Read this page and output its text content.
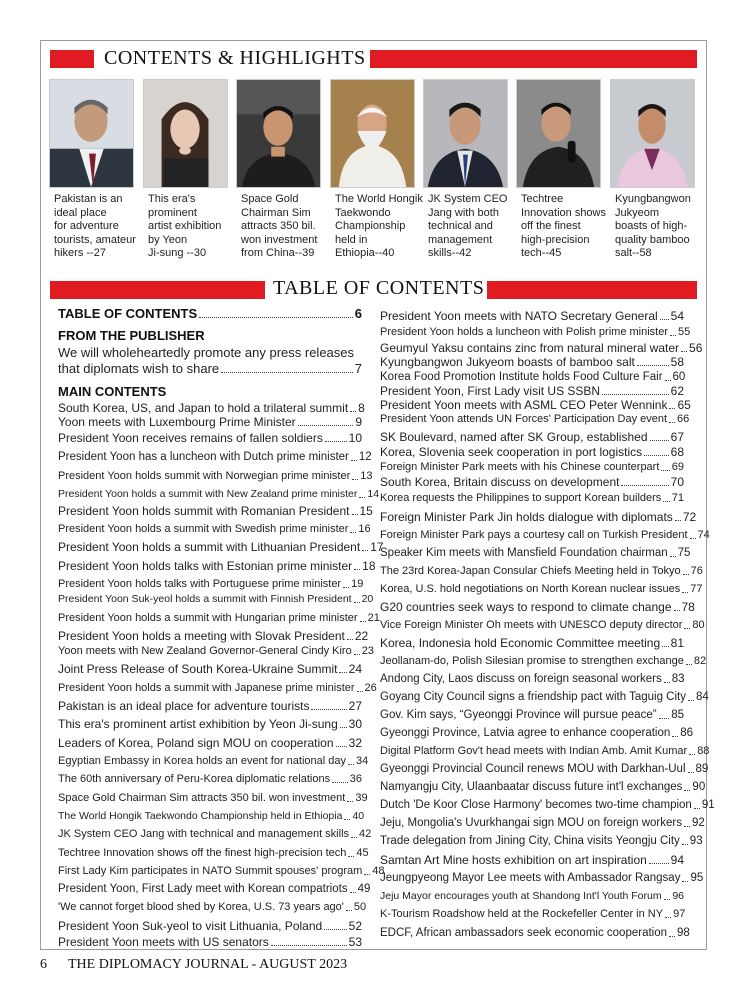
CONTENTS & HIGHLIGHTS
Pakistan is an
ideal place
for adventure
tourists, amateur
hikers --27
This era's
prominent
artist exhibition
by Yeon
Ji-sung --30
Space Gold
Chairman Sim
attracts 350 bil.
won investment
from China--39
The World Hongik
Taekwondo
Championship
held in
Ethiopia--40
JK System CEO
Jang with both
technical and
management
skills--42
Techtree
Innovation shows
off the finest
high-precision
tech--45
Kyungbangwon
Jukyeom
boasts of high-
quality bamboo
salt--58
TABLE OF CONTENTS
TABLE OF CONTENTS	6
FROM THE PUBLISHER
We will wholeheartedly promote any press releases
that diplomats wish to share	7
MAIN CONTENTS
South Korea, US, and Japan to hold a trilateral summit 8
Yoon meets with Luxembourg Prime Minister	9
President Yoon receives remains of fallen soldiers 10
President Yoon has a luncheon with Dutch prime minister 12
President Yoon holds summit with Norwegian prime minister 13
President Yoon holds a summit with New Zealand prime minister 14
President Yoon holds summit with Romanian President 15
President Yoon holds a summit with Swedish prime minister 16
President Yoon holds a summit with Lithuanian President 17
President Yoon holds talks with Estonian prime minister 18
President Yoon holds talks with Portuguese prime minister 19
President Yoon Suk-yeol holds a summit with Finnish President 20
President Yoon holds a summit with Hungarian prime minister 21
President Yoon holds a meeting with Slovak President 22
Yoon meets with New Zealand Governor-General Cindy Kiro 23
Joint Press Release of South Korea-Ukraine Summit 24
President Yoon holds a summit with Japanese prime minister 26
Pakistan is an ideal place for adventure tourists	27
This era's prominent artist exhibition by Yeon Ji-sung 30
Leaders of Korea, Poland sign MOU on cooperation 32
Egyptian Embassy in Korea holds an event for national day 34
The 60th anniversary of Peru-Korea diplomatic relations 36
Space Gold Chairman Sim attracts 350 bil. won investment 39
The World Hongik Taekwondo Championship held in Ethiopia 40
JK System CEO Jang with technical and management skills 42
Techtree Innovation shows off the finest high-precision tech 45
First Lady Kim participates in NATO Summit spouses' program 48
President Yoon, First Lady meet with Korean compatriots 49
'We cannot forget blood shed by Korea, U.S. 73 years ago' 50
President Yoon Suk-yeol to visit Lithuania, Poland 52
President Yoon meets with US senators	53
President Yoon meets with NATO Secretary General 54
President Yoon holds a luncheon with Polish prime minister 55
Geumyul Yaksu contains zinc from natural mineral water 56
Kyungbangwon Jukyeom boasts of bamboo salt	58
Korea Food Promotion Institute holds Food Culture Fair 60
President Yoon, First Lady visit US SSBN	62
President Yoon meets with ASML CEO Peter Wennink 65
President Yoon attends UN Forces' Participation Day event 66
SK Boulevard, named after SK Group, established 67
Korea, Slovenia seek cooperation in port logistics 68
Foreign Minister Park meets with his Chinese counterpart 69
South Korea, Britain discuss on development	70
Korea requests the Philippines to support Korean builders 71
Foreign Minister Park Jin holds dialogue with diplomats 72
Foreign Minister Park pays a courtesy call on Turkish President 74
Speaker Kim meets with Mansfield Foundation chairman 75
The 23rd Korea-Japan Consular Chiefs Meeting held in Tokyo 76
Korea, U.S. hold negotiations on North Korean nuclear issues 77
G20 countries seek ways to respond to climate change 78
Vice Foreign Minister Oh meets with UNESCO deputy director 80
Korea, Indonesia hold Economic Committee meeting 81
Jeollanam-do, Polish Silesian promise to strengthen exchange 82
Andong City, Laos discuss on foreign seasonal workers 83
Goyang City Council signs a friendship pact with Taguig City 84
Gov. Kim says, “Gyeonggi Province will pursue peace” 85
Gyeonggi Province, Latvia agree to enhance cooperation 86
Digital Platform Gov't head meets with Indian Amb. Amit Kumar 88
Gyeonggi Provincial Council renews MOU with Darkhan-Uul 89
Namyangju City, Ulaanbaatar discuss future int'l exchanges 90
Dutch 'De Koor Close Harmony' becomes two-time champion 91
Jeju, Mongolia's Uvurkhangai sign MOU on foreign workers 92
Trade delegation from Jining City, China visits Yeongju City 93
Samtan Art Mine hosts exhibition on art inspiration 94
Jeungpyeong Mayor Lee meets with Ambassador Rangsay 95
Jeju Mayor encourages youth at Shandong Int'l Youth Forum 96
K-Tourism Roadshow held at the Rockefeller Center in NY 97
EDCF, African ambassadors seek economic cooperation 98
6 THE DIPLOMACY JOURNAL - AUGUST 2023
